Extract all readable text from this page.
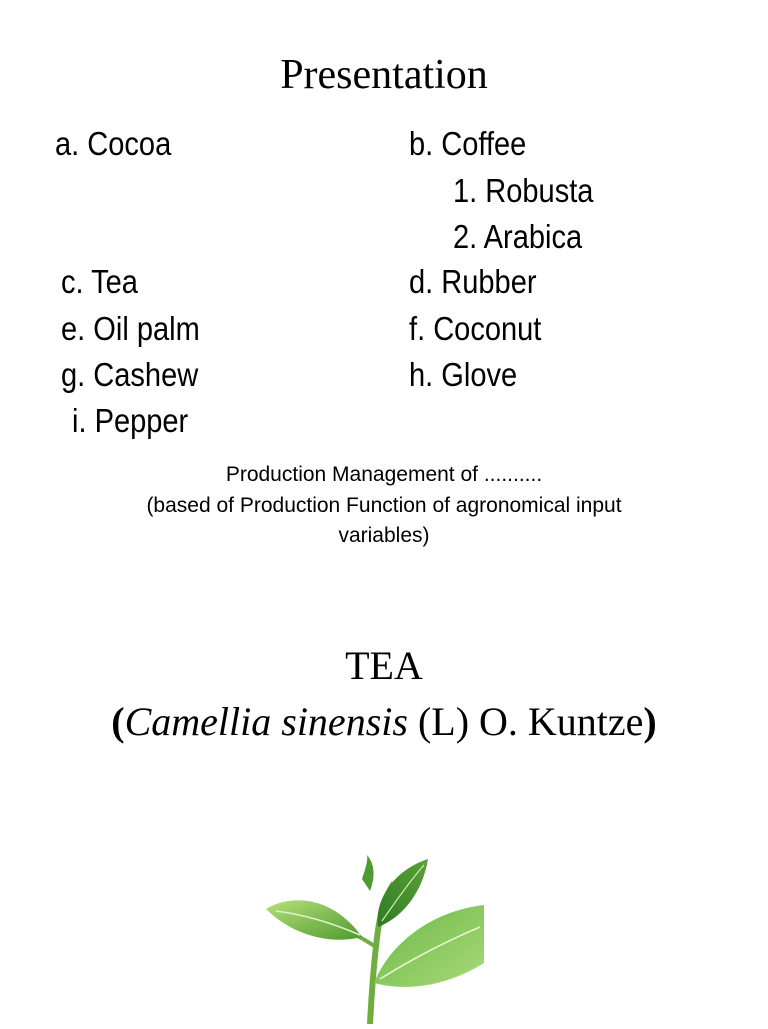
Presentation
a. Cocoa	b. Coffee
1. Robusta
2. Arabica
c. Tea	d. Rubber
e. Oil palm	f. Coconut
g. Cashew	h. Glove
i. Pepper
Production Management of ..........
(based of Production Function of agronomical input
variables)
TEA
(Camellia sinensis (L) O. Kuntze)
